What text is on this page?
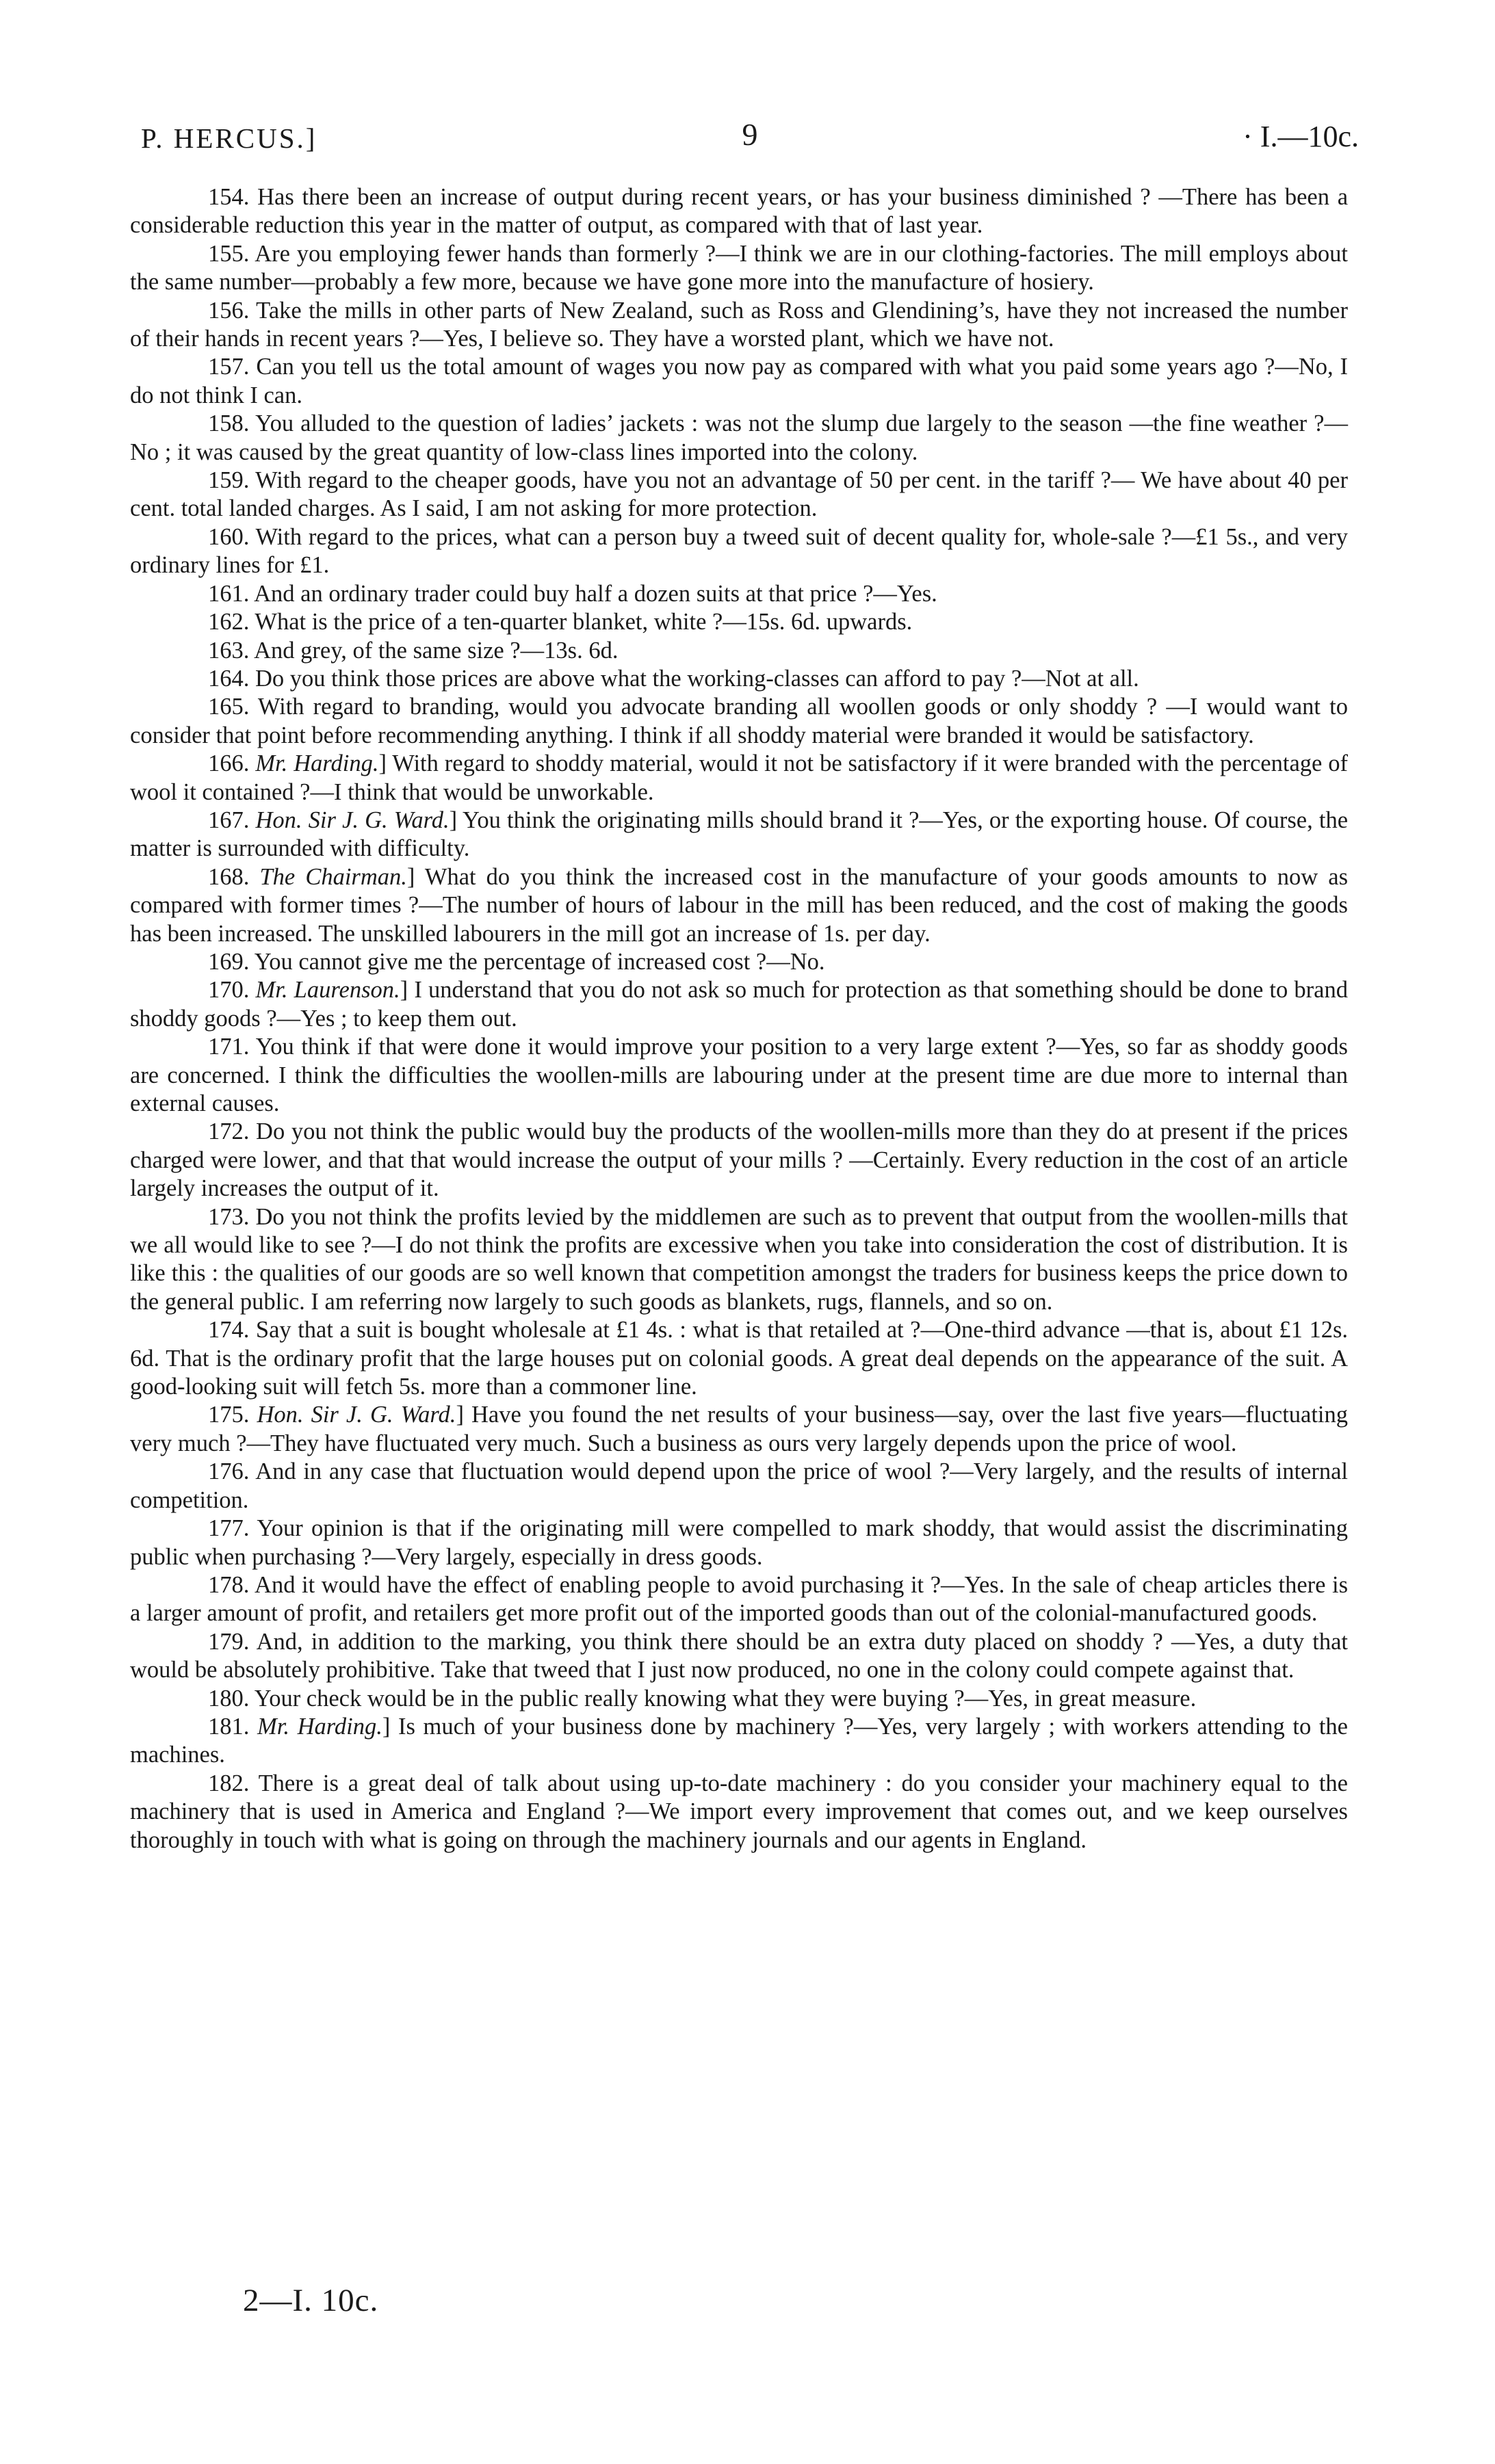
P. HERCUS.]	9	· I.—10c.

154. Has there been an increase of output during recent years, or has your business diminished ? —There has been a considerable reduction this year in the matter of output, as compared with that of last year.

155. Are you employing fewer hands than formerly ?—I think we are in our clothing-factories. The mill employs about the same number—probably a few more, because we have gone more into the manufacture of hosiery.

156. Take the mills in other parts of New Zealand, such as Ross and Glendining’s, have they not increased the number of their hands in recent years ?—Yes, I believe so. They have a worsted plant, which we have not.

157. Can you tell us the total amount of wages you now pay as compared with what you paid some years ago ?—No, I do not think I can.

158. You alluded to the question of ladies’ jackets : was not the slump due largely to the season —the fine weather ?—No ; it was caused by the great quantity of low-class lines imported into the colony.

159. With regard to the cheaper goods, have you not an advantage of 50 per cent. in the tariff ?— We have about 40 per cent. total landed charges. As I said, I am not asking for more protection.

160. With regard to the prices, what can a person buy a tweed suit of decent quality for, whole-sale ?—£1 5s., and very ordinary lines for £1.

161. And an ordinary trader could buy half a dozen suits at that price ?—Yes.

162. What is the price of a ten-quarter blanket, white ?—15s. 6d. upwards.

163. And grey, of the same size ?—13s. 6d.

164. Do you think those prices are above what the working-classes can afford to pay ?—Not at all.

165. With regard to branding, would you advocate branding all woollen goods or only shoddy ? —I would want to consider that point before recommending anything. I think if all shoddy material were branded it would be satisfactory.

166. Mr. Harding.] With regard to shoddy material, would it not be satisfactory if it were branded with the percentage of wool it contained ?—I think that would be unworkable.

167. Hon. Sir J. G. Ward.] You think the originating mills should brand it ?—Yes, or the exporting house. Of course, the matter is surrounded with difficulty.

168. The Chairman.] What do you think the increased cost in the manufacture of your goods amounts to now as compared with former times ?—The number of hours of labour in the mill has been reduced, and the cost of making the goods has been increased. The unskilled labourers in the mill got an increase of 1s. per day.

169. You cannot give me the percentage of increased cost ?—No.

170. Mr. Laurenson.] I understand that you do not ask so much for protection as that something should be done to brand shoddy goods ?—Yes ; to keep them out.

171. You think if that were done it would improve your position to a very large extent ?—Yes, so far as shoddy goods are concerned. I think the difficulties the woollen-mills are labouring under at the present time are due more to internal than external causes.

172. Do you not think the public would buy the products of the woollen-mills more than they do at present if the prices charged were lower, and that that would increase the output of your mills ? —Certainly. Every reduction in the cost of an article largely increases the output of it.

173. Do you not think the profits levied by the middlemen are such as to prevent that output from the woollen-mills that we all would like to see ?—I do not think the profits are excessive when you take into consideration the cost of distribution. It is like this : the qualities of our goods are so well known that competition amongst the traders for business keeps the price down to the general public. I am referring now largely to such goods as blankets, rugs, flannels, and so on.

174. Say that a suit is bought wholesale at £1 4s. : what is that retailed at ?—One-third advance —that is, about £1 12s. 6d. That is the ordinary profit that the large houses put on colonial goods. A great deal depends on the appearance of the suit. A good-looking suit will fetch 5s. more than a commoner line.

175. Hon. Sir J. G. Ward.] Have you found the net results of your business—say, over the last five years—fluctuating very much ?—They have fluctuated very much. Such a business as ours very largely depends upon the price of wool.

176. And in any case that fluctuation would depend upon the price of wool ?—Very largely, and the results of internal competition.

177. Your opinion is that if the originating mill were compelled to mark shoddy, that would assist the discriminating public when purchasing ?—Very largely, especially in dress goods.

178. And it would have the effect of enabling people to avoid purchasing it ?—Yes. In the sale of cheap articles there is a larger amount of profit, and retailers get more profit out of the imported goods than out of the colonial-manufactured goods.

179. And, in addition to the marking, you think there should be an extra duty placed on shoddy ? —Yes, a duty that would be absolutely prohibitive. Take that tweed that I just now produced, no one in the colony could compete against that.

180. Your check would be in the public really knowing what they were buying ?—Yes, in great measure.

181. Mr. Harding.] Is much of your business done by machinery ?—Yes, very largely ; with workers attending to the machines.

182. There is a great deal of talk about using up-to-date machinery : do you consider your machinery equal to the machinery that is used in America and England ?—We import every improvement that comes out, and we keep ourselves thoroughly in touch with what is going on through the machinery journals and our agents in England.

2—I. 10c.
